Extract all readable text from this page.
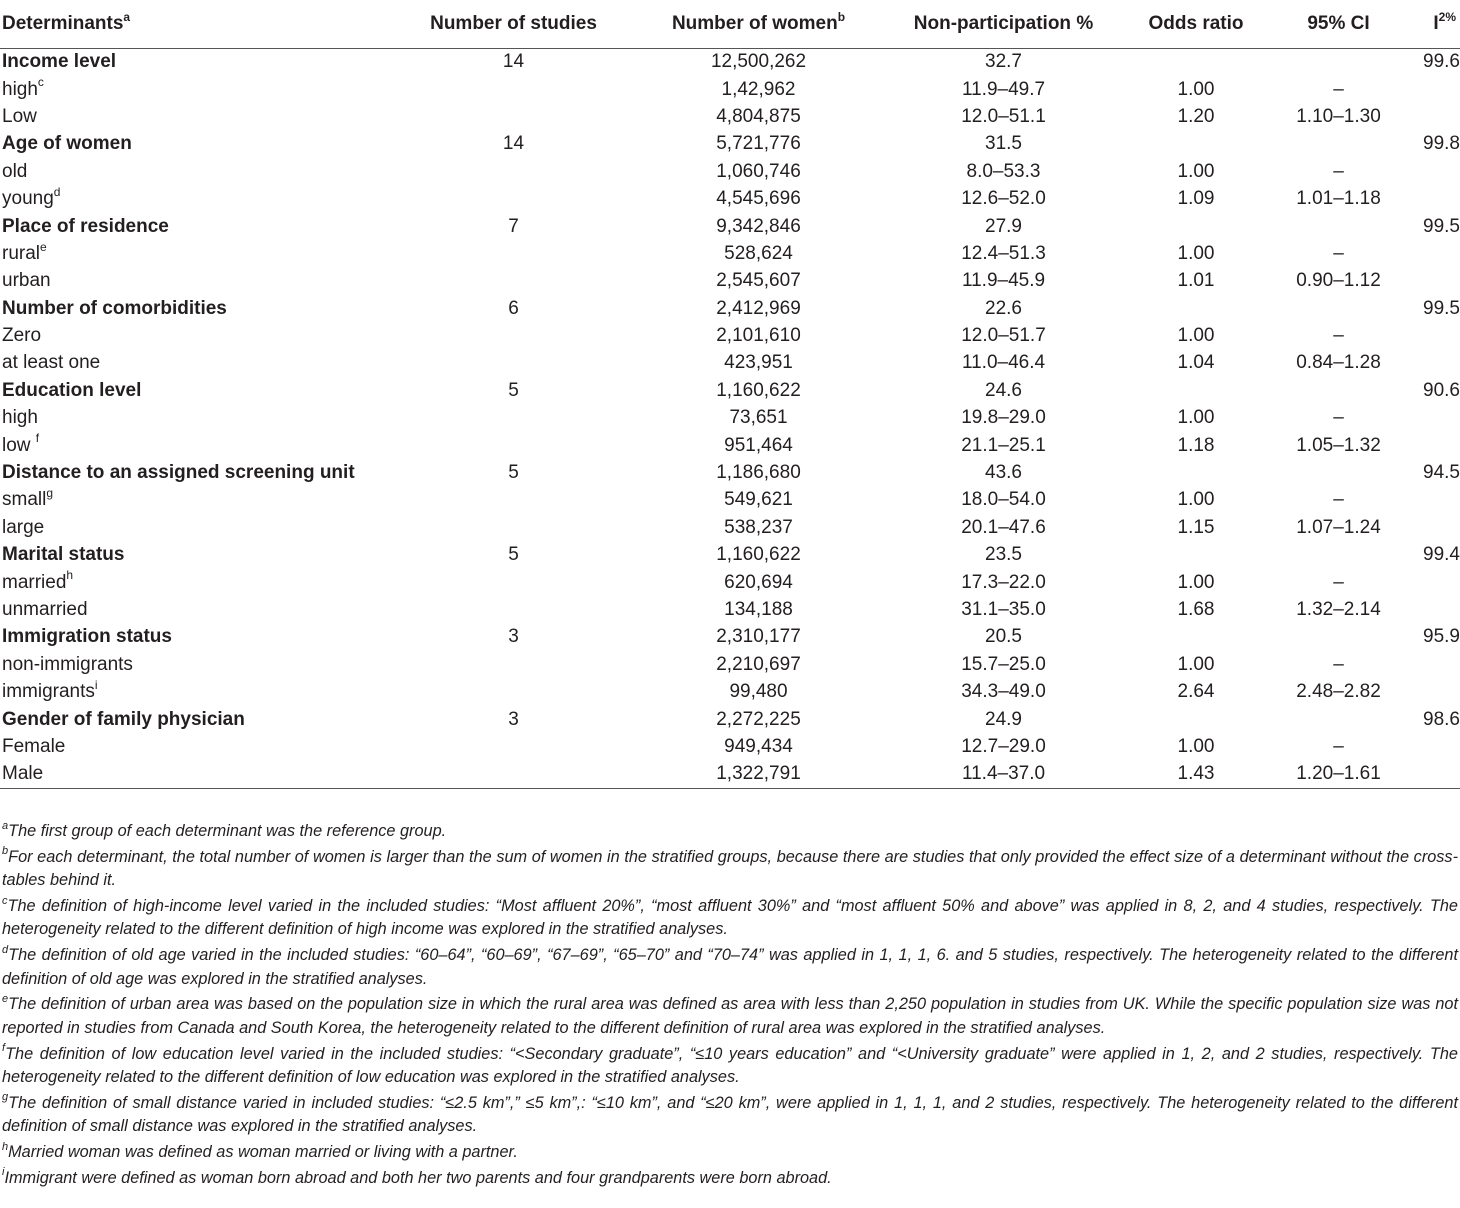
Determinants$^a$	Number of studies	Number of women$^b$	Non-participation %	Odds ratio	95% CI	$I^{2\%}$
Income level	14	12,500,262	32.7			99.6
high$^c$		1,42,962	11.9–49.7	1.00	–	
Low		4,804,875	12.0–51.1	1.20	1.10–1.30	
Age of women	14	5,721,776	31.5			99.8
old		1,060,746	8.0–53.3	1.00	–	
young$^d$		4,545,696	12.6–52.0	1.09	1.01–1.18	
Place of residence	7	9,342,846	27.9			99.5
rural$^e$		528,624	12.4–51.3	1.00	–	
urban		2,545,607	11.9–45.9	1.01	0.90–1.12	
Number of comorbidities	6	2,412,969	22.6			99.5
Zero		2,101,610	12.0–51.7	1.00	–	
at least one		423,951	11.0–46.4	1.04	0.84–1.28	
Education level	5	1,160,622	24.6			90.6
high		73,651	19.8–29.0	1.00	–	
low $^f$		951,464	21.1–25.1	1.18	1.05–1.32	
Distance to an assigned screening unit	5	1,186,680	43.6			94.5
small$^g$		549,621	18.0–54.0	1.00	–	
large		538,237	20.1–47.6	1.15	1.07–1.24	
Marital status	5	1,160,622	23.5			99.4
married$^h$		620,694	17.3–22.0	1.00	–	
unmarried		134,188	31.1–35.0	1.68	1.32–2.14	
Immigration status	3	2,310,177	20.5			95.9
non-immigrants		2,210,697	15.7–25.0	1.00	–	
immigrants$^i$		99,480	34.3–49.0	2.64	2.48–2.82	
Gender of family physician	3	2,272,225	24.9			98.6
Female		949,434	12.7–29.0	1.00	–	
Male		1,322,791	11.4–37.0	1.43	1.20–1.61	
$^a$The first group of each determinant was the reference group.
$^b$For each determinant, the total number of women is larger than the sum of women in the stratified groups, because there are studies that only provided the effect size of a determinant without the cross-tables behind it.
$^c$The definition of high-income level varied in the included studies: “Most affluent 20%”, “most affluent 30%” and “most affluent 50% and above” was applied in 8, 2, and 4 studies, respectively. The heterogeneity related to the different definition of high income was explored in the stratified analyses.
$^d$The definition of old age varied in the included studies: “60–64”, “60–69”, “67–69”, “65–70” and “70–74” was applied in 1, 1, 1, 6. and 5 studies, respectively. The heterogeneity related to the different definition of old age was explored in the stratified analyses.
$^e$The definition of urban area was based on the population size in which the rural area was defined as area with less than 2,250 population in studies from UK. While the specific population size was not reported in studies from Canada and South Korea, the heterogeneity related to the different definition of rural area was explored in the stratified analyses.
$^f$The definition of low education level varied in the included studies: “<Secondary graduate”, “≤10 years education” and “<University graduate” were applied in 1, 2, and 2 studies, respectively. The heterogeneity related to the different definition of low education was explored in the stratified analyses.
$^g$The definition of small distance varied in included studies: “≤2.5 km”,” ≤5 km”,: “≤10 km”, and “≤20 km”, were applied in 1, 1, 1, and 2 studies, respectively. The heterogeneity related to the different definition of small distance was explored in the stratified analyses.
$^h$Married woman was defined as woman married or living with a partner.
$^i$Immigrant were defined as woman born abroad and both her two parents and four grandparents were born abroad.
